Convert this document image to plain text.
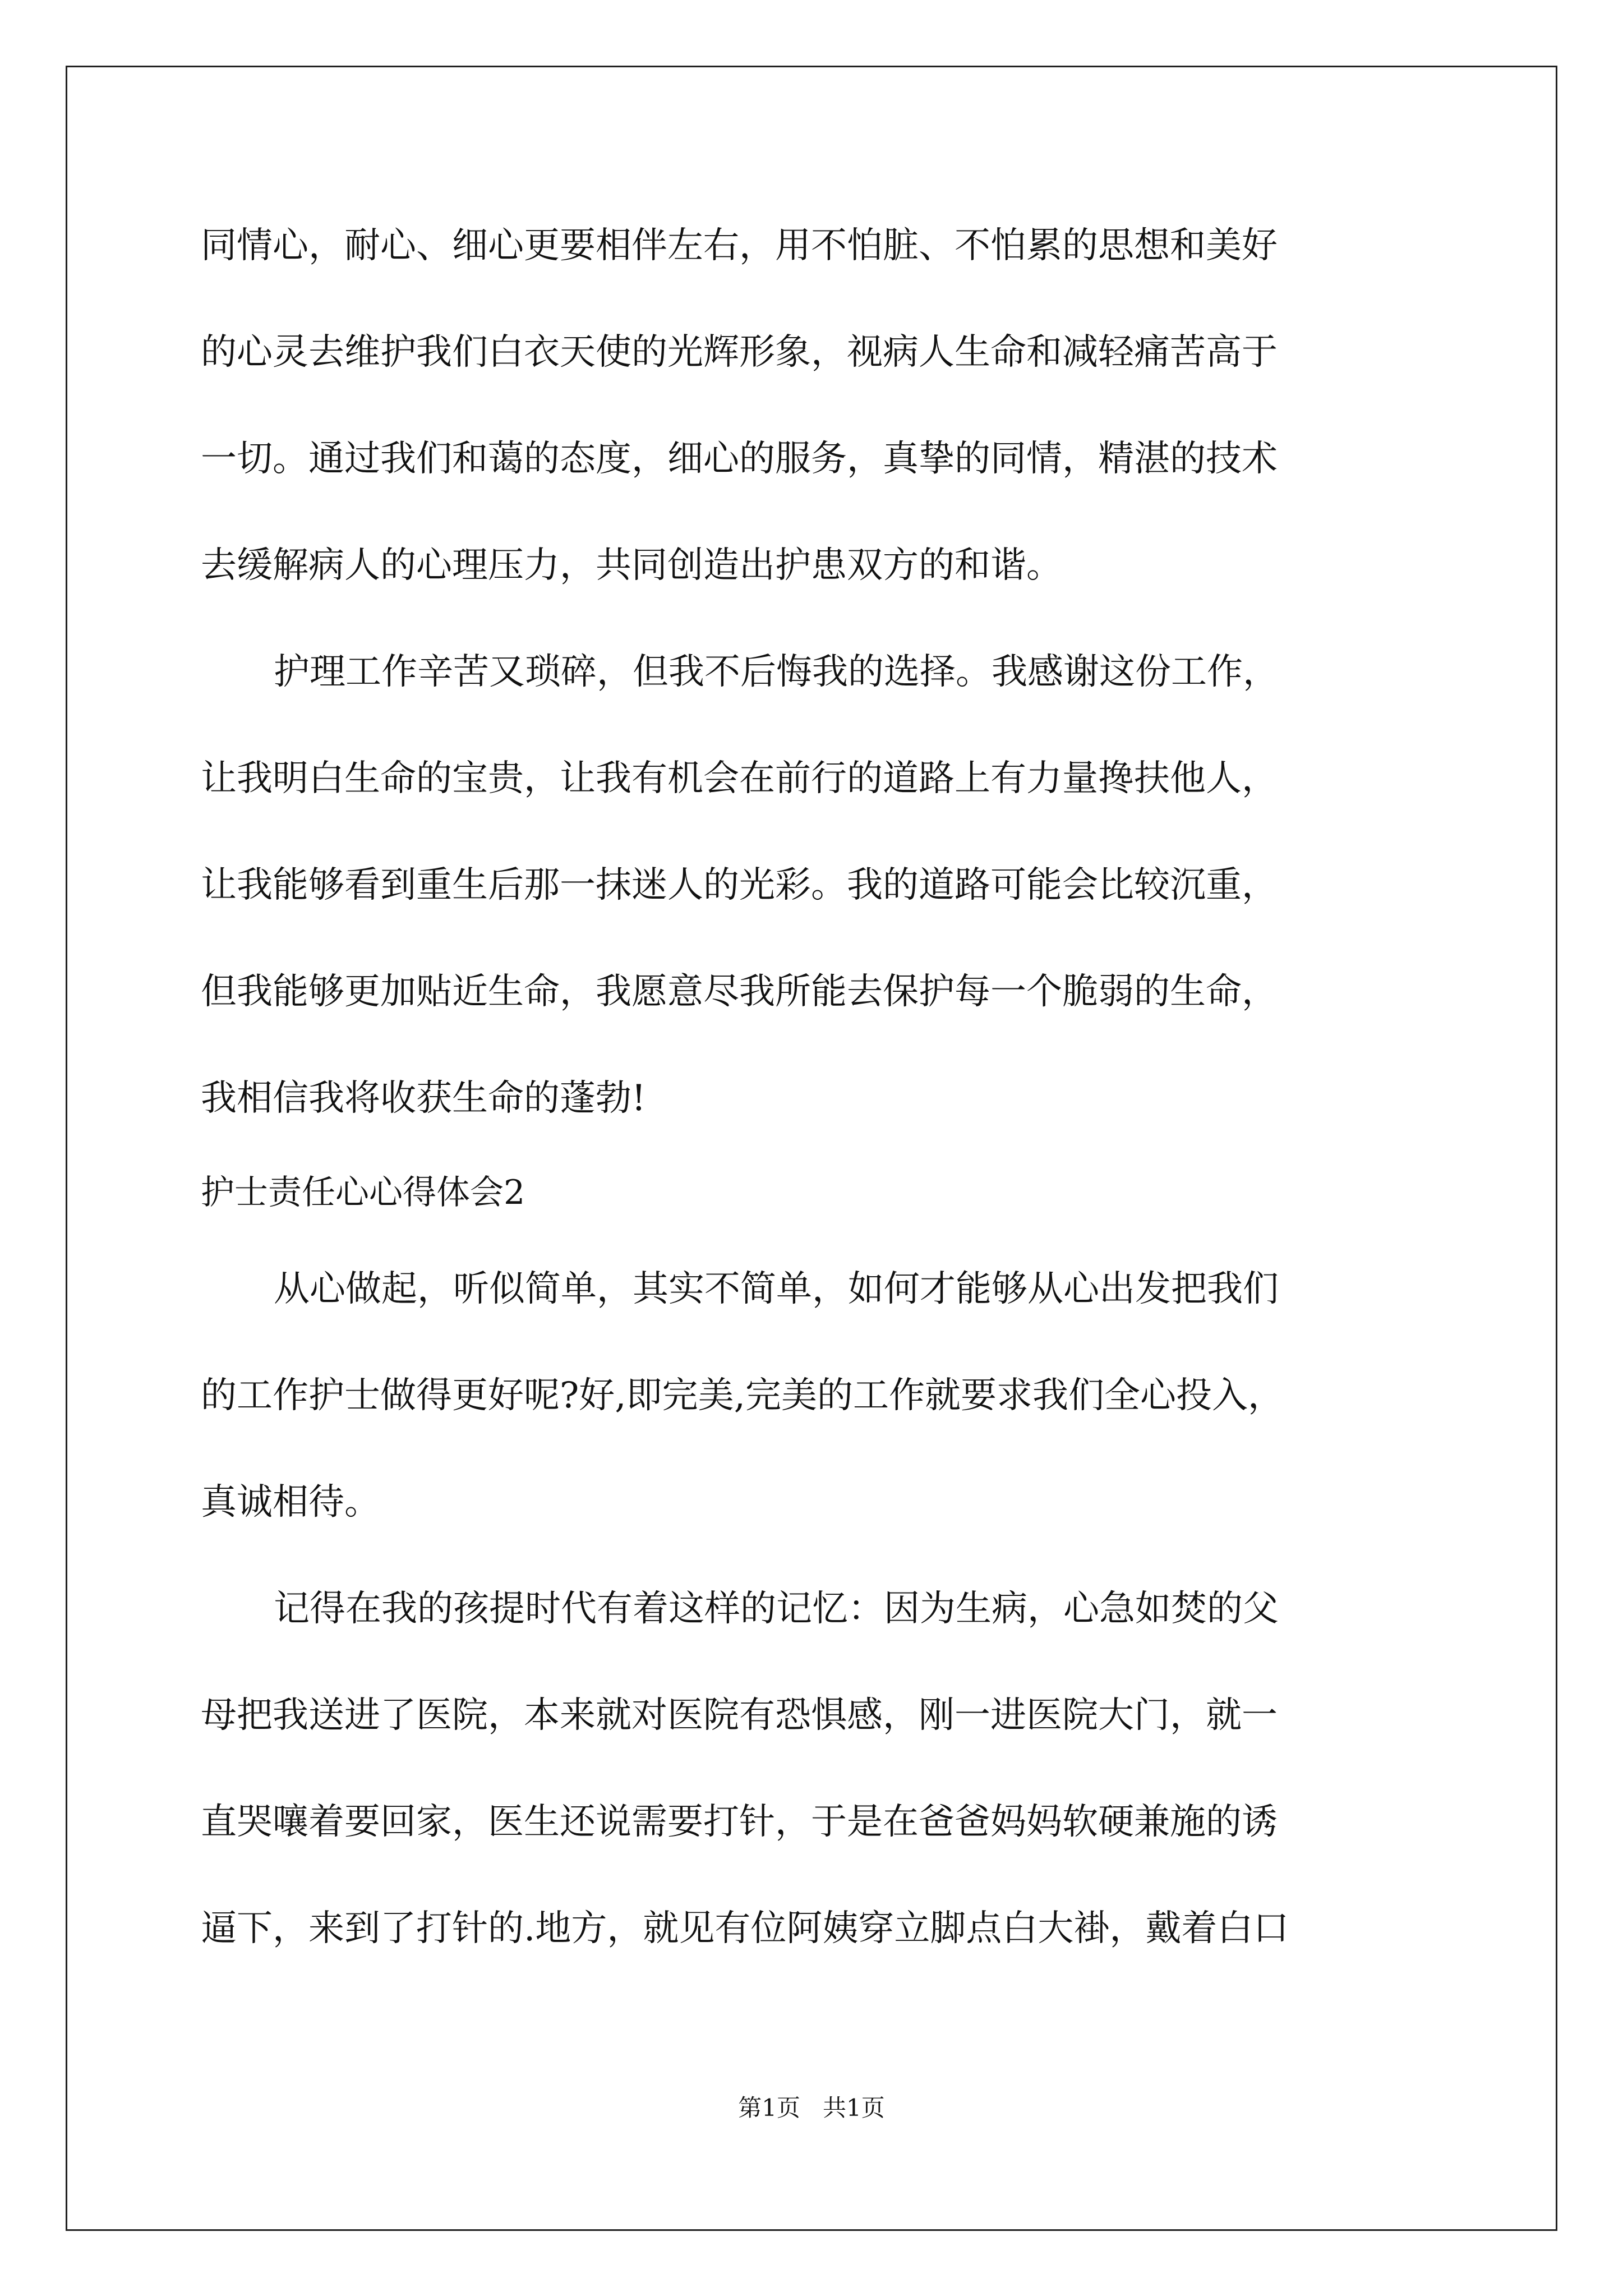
同情心，耐心、细心更要相伴左右，用不怕脏、不怕累的思想和美好
的心灵去维护我们白衣天使的光辉形象，视病人生命和减轻痛苦高于
一切。通过我们和蔼的态度，细心的服务，真挚的同情，精湛的技术
去缓解病人的心理压力，共同创造出护患双方的和谐。
护理工作辛苦又琐碎，但我不后悔我的选择。我感谢这份工作，
让我明白生命的宝贵，让我有机会在前行的道路上有力量搀扶他人，
让我能够看到重生后那一抹迷人的光彩。我的道路可能会比较沉重，
但我能够更加贴近生命，我愿意尽我所能去保护每一个脆弱的生命，
我相信我将收获生命的蓬勃!
护士责任心心得体会2
从心做起，听似简单，其实不简单，如何才能够从心出发把我们
的工作护士做得更好呢?好,即完美,完美的工作就要求我们全心投入，
真诚相待。
记得在我的孩提时代有着这样的记忆：因为生病，心急如焚的父
母把我送进了医院，本来就对医院有恐惧感，刚一进医院大门，就一
直哭嚷着要回家，医生还说需要打针，于是在爸爸妈妈软硬兼施的诱
逼下，来到了打针的.地方，就见有位阿姨穿立脚点白大褂，戴着白口
第1页 共1页
